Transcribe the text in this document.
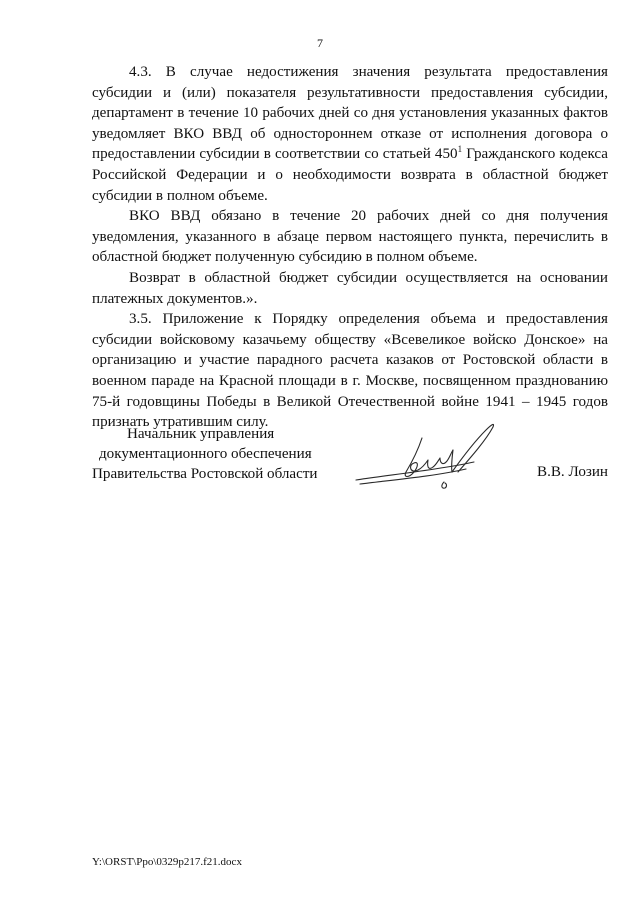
7

4.3. В случае недостижения значения результата предоставления субсидии и (или) показателя результативности предоставления субсидии, департамент в течение 10 рабочих дней со дня установления указанных фактов уведомляет ВКО ВВД об одностороннем отказе от исполнения договора о предоставлении субсидии в соответствии со статьей $450^1$ Гражданского кодекса Российской Федерации и о необходимости возврата в областной бюджет субсидии в полном объеме.

ВКО ВВД обязано в течение 20 рабочих дней со дня получения уведомления, указанного в абзаце первом настоящего пункта, перечислить в областной бюджет полученную субсидию в полном объеме.

Возврат в областной бюджет субсидии осуществляется на основании платежных документов.».

3.5. Приложение к Порядку определения объема и предоставления субсидии войсковому казачьему обществу «Всевеликое войско Донское» на организацию и участие парадного расчета казаков от Ростовской области в военном параде на Красной площади в г. Москве, посвященном празднованию 75-й годовщины Победы в Великой Отечественной войне 1941 – 1945 годов признать утратившим силу.

Начальник управления
документационного обеспечения
Правительства Ростовской области	В.В. Лозин
Y:\ORST\Ppo\0329p217.f21.docx
